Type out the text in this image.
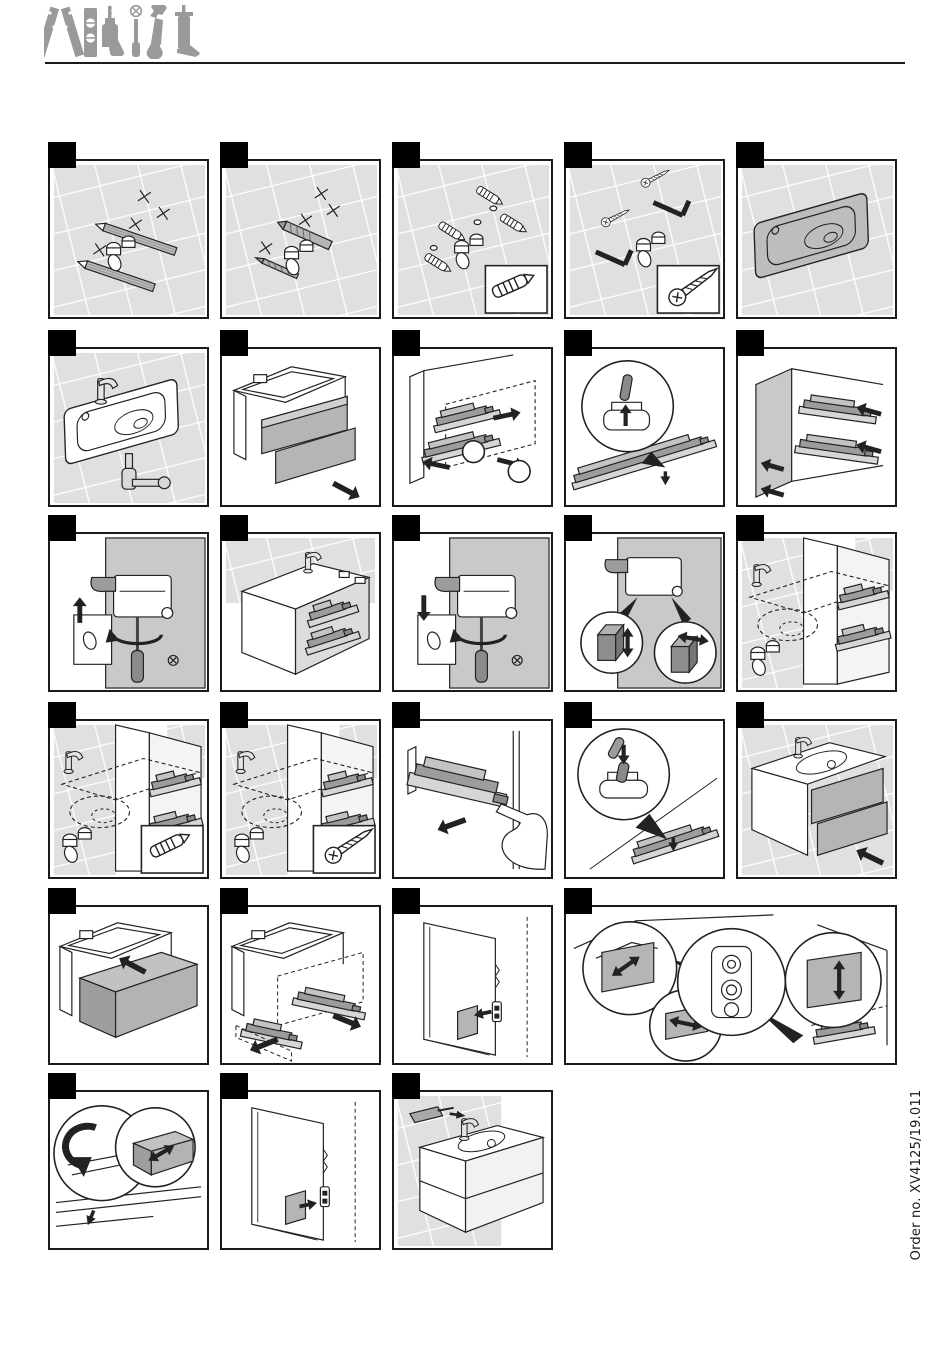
Order no. XV4125/19.011
